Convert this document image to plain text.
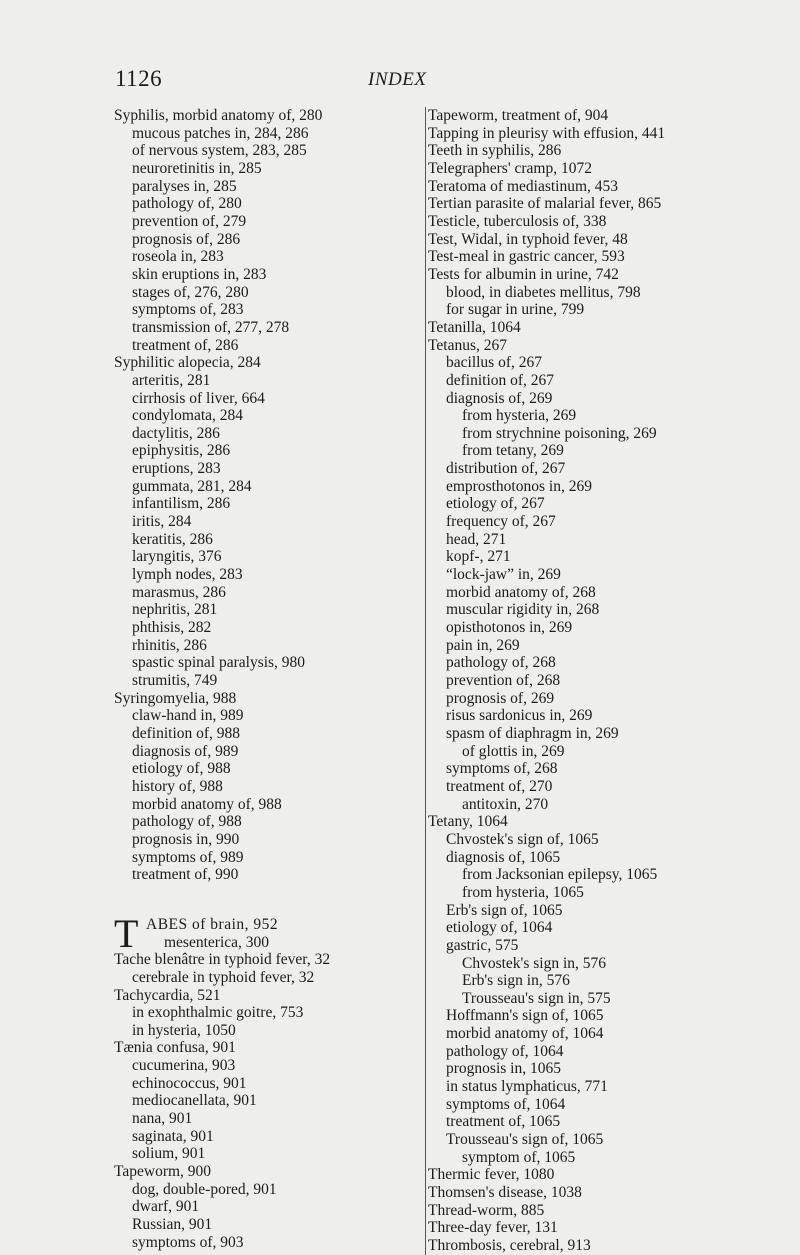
1126	INDEX
Syphilis, morbid anatomy of, 280
mucous patches in, 284, 286
of nervous system, 283, 285
neuroretinitis in, 285
paralyses in, 285
pathology of, 280
prevention of, 279
prognosis of, 286
roseola in, 283
skin eruptions in, 283
stages of, 276, 280
symptoms of, 283
transmission of, 277, 278
treatment of, 286
Syphilitic alopecia, 284
arteritis, 281
cirrhosis of liver, 664
condylomata, 284
dactylitis, 286
epiphysitis, 286
eruptions, 283
gummata, 281, 284
infantilism, 286
iritis, 284
keratitis, 286
laryngitis, 376
lymph nodes, 283
marasmus, 286
nephritis, 281
phthisis, 282
rhinitis, 286
spastic spinal paralysis, 980
strumitis, 749
Syringomyelia, 988
claw-hand in, 989
definition of, 988
diagnosis of, 989
etiology of, 988
history of, 988
morbid anatomy of, 988
pathology of, 988
prognosis in, 990
symptoms of, 989
treatment of, 990
T ABES of brain, 952
mesenterica, 300
Tache blenâtre in typhoid fever, 32
cerebrale in typhoid fever, 32
Tachycardia, 521
in exophthalmic goitre, 753
in hysteria, 1050
Tænia confusa, 901
cucumerina, 903
echinococcus, 901
mediocanellata, 901
nana, 901
saginata, 901
solium, 901
Tapeworm, 900
dog, double-pored, 901
dwarf, 901
Russian, 901
symptoms of, 903
Tapeworm, treatment of, 904
Tapping in pleurisy with effusion, 441
Teeth in syphilis, 286
Telegraphers' cramp, 1072
Teratoma of mediastinum, 453
Tertian parasite of malarial fever, 865
Testicle, tuberculosis of, 338
Test, Widal, in typhoid fever, 48
Test-meal in gastric cancer, 593
Tests for albumin in urine, 742
blood, in diabetes mellitus, 798
for sugar in urine, 799
Tetanilla, 1064
Tetanus, 267
bacillus of, 267
definition of, 267
diagnosis of, 269
from hysteria, 269
from strychnine poisoning, 269
from tetany, 269
distribution of, 267
emprosthotonos in, 269
etiology of, 267
frequency of, 267
head, 271
kopf-, 271
“lock-jaw” in, 269
morbid anatomy of, 268
muscular rigidity in, 268
opisthotonos in, 269
pain in, 269
pathology of, 268
prevention of, 268
prognosis of, 269
risus sardonicus in, 269
spasm of diaphragm in, 269
of glottis in, 269
symptoms of, 268
treatment of, 270
antitoxin, 270
Tetany, 1064
Chvostek's sign of, 1065
diagnosis of, 1065
from Jacksonian epilepsy, 1065
from hysteria, 1065
Erb's sign of, 1065
etiology of, 1064
gastric, 575
Chvostek's sign in, 576
Erb's sign in, 576
Trousseau's sign in, 575
Hoffmann's sign of, 1065
morbid anatomy of, 1064
pathology of, 1064
prognosis in, 1065
in status lymphaticus, 771
symptoms of, 1064
treatment of, 1065
Trousseau's sign of, 1065
symptom of, 1065
Thermic fever, 1080
Thomsen's disease, 1038
Thread-worm, 885
Three-day fever, 131
Thrombosis, cerebral, 913
